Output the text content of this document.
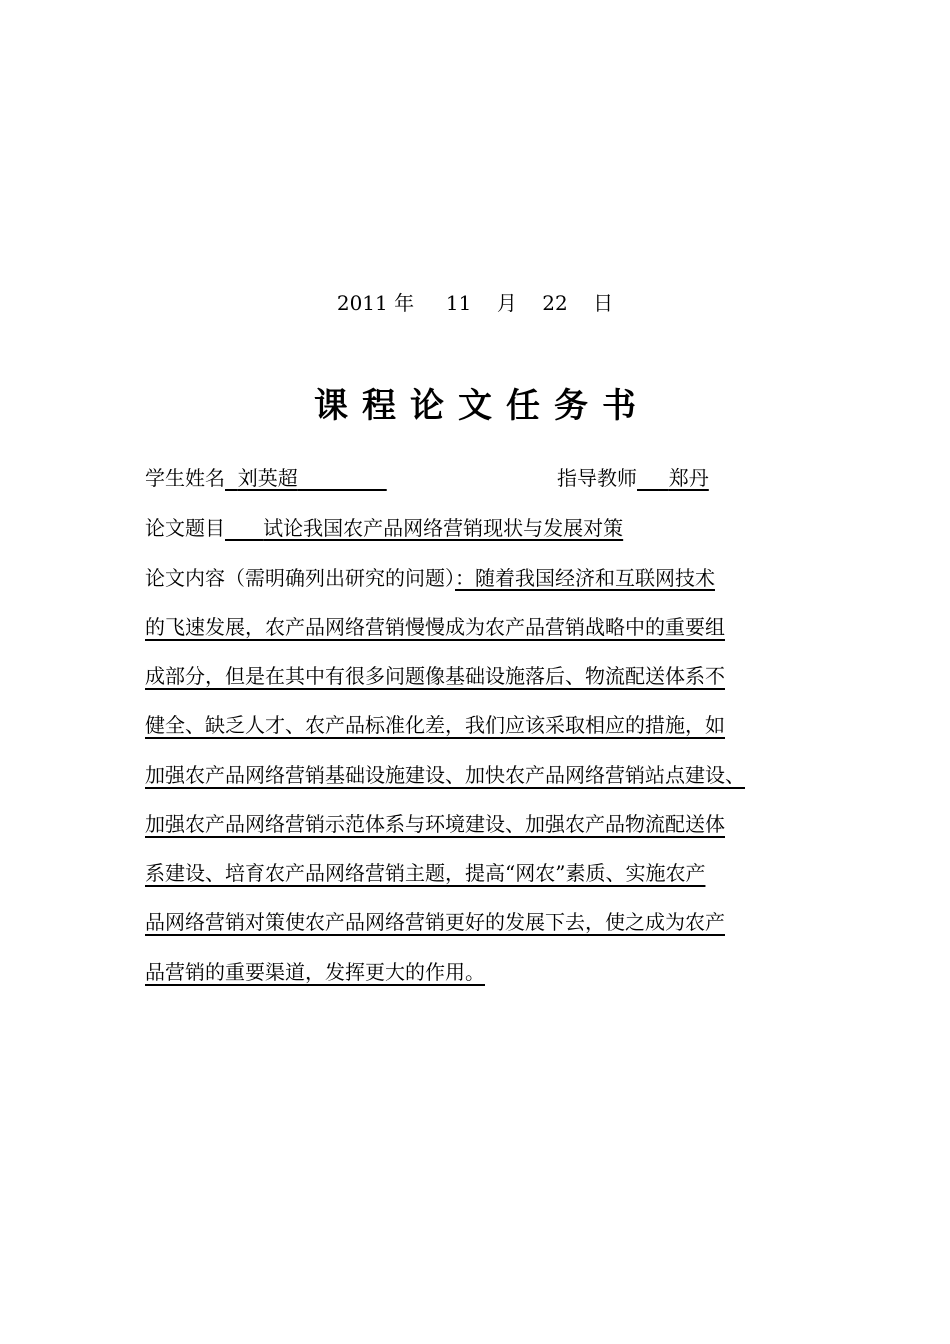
2011 年 11 月 22 日
课程论文任务书
学生姓名 刘英超	指导教师 郑丹
论文题目 试论我国农产品网络营销现状与发展对策
论文内容（需明确列出研究的问题）：随着我国经济和互联网技术
的飞速发展，农产品网络营销慢慢成为农产品营销战略中的重要组
成部分，但是在其中有很多问题像基础设施落后、物流配送体系不
健全、缺乏人才、农产品标准化差，我们应该采取相应的措施，如
加强农产品网络营销基础设施建设、加快农产品网络营销站点建设、
加强农产品网络营销示范体系与环境建设、加强农产品物流配送体
系建设、培育农产品网络营销主题，提高“网农”素质、实施农产
品网络营销对策使农产品网络营销更好的发展下去，使之成为农产
品营销的重要渠道，发挥更大的作用。
